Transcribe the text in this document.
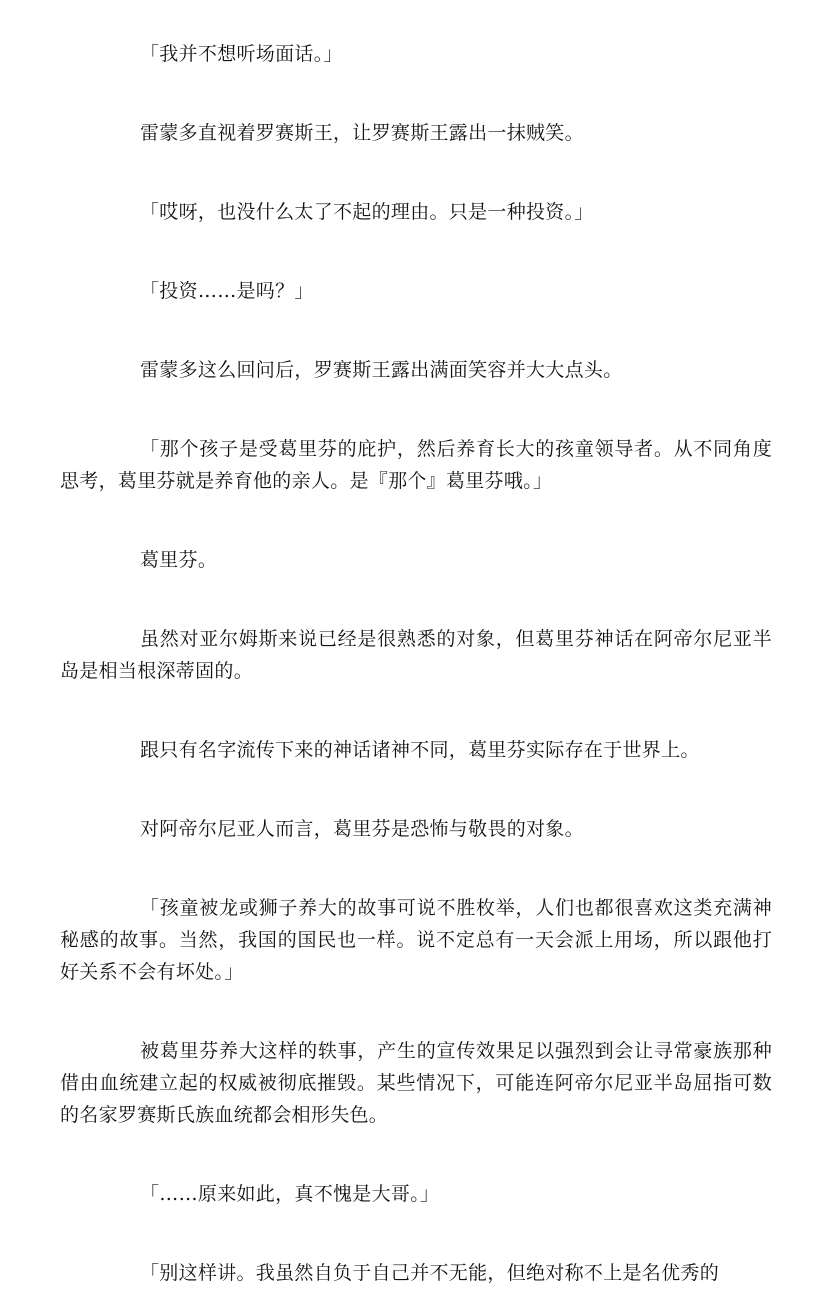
「我并不想听场面话。」

雷蒙多直视着罗赛斯王，让罗赛斯王露出一抹贼笑。

「哎呀，也没什么太了不起的理由。只是一种投资。」

「投资……是吗？」

雷蒙多这么回问后，罗赛斯王露出满面笑容并大大点头。

「那个孩子是受葛里芬的庇护，然后养育长大的孩童领导者。从不同角度思考，葛里芬就是养育他的亲人。是『那个』葛里芬哦。」

葛里芬。

虽然对亚尔姆斯来说已经是很熟悉的对象，但葛里芬神话在阿帝尔尼亚半岛是相当根深蒂固的。

跟只有名字流传下来的神话诸神不同，葛里芬实际存在于世界上。

对阿帝尔尼亚人而言，葛里芬是恐怖与敬畏的对象。

「孩童被龙或狮子养大的故事可说不胜枚举，人们也都很喜欢这类充满神秘感的故事。当然，我国的国民也一样。说不定总有一天会派上用场，所以跟他打好关系不会有坏处。」

被葛里芬养大这样的轶事，产生的宣传效果足以强烈到会让寻常豪族那种借由血统建立起的权威被彻底摧毁。某些情况下，可能连阿帝尔尼亚半岛屈指可数的名家罗赛斯氏族血统都会相形失色。

「……原来如此，真不愧是大哥。」

「别这样讲。我虽然自负于自己并不无能，但绝对称不上是名优秀的
